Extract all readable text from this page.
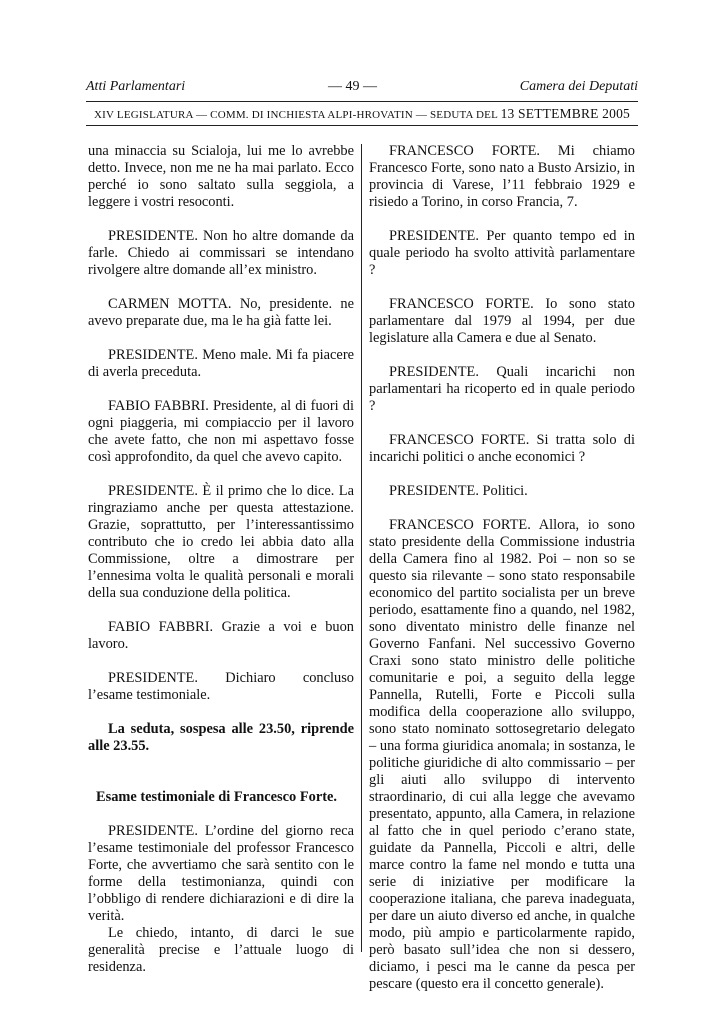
Atti Parlamentari	— 49 —	Camera dei Deputati
XIV LEGISLATURA — COMM. DI INCHIESTA ALPI-HROVATIN — SEDUTA DEL 13 SETTEMBRE 2005

una minaccia su Scialoja, lui me lo avrebbe detto. Invece, non me ne ha mai parlato. Ecco perché io sono saltato sulla seggiola, a leggere i vostri resoconti.

PRESIDENTE. Non ho altre domande da farle. Chiedo ai commissari se intendano rivolgere altre domande all’ex ministro.

CARMEN MOTTA. No, presidente. ne avevo preparate due, ma le ha già fatte lei.

PRESIDENTE. Meno male. Mi fa piacere di averla preceduta.

FABIO FABBRI. Presidente, al di fuori di ogni piaggeria, mi compiaccio per il lavoro che avete fatto, che non mi aspettavo fosse così approfondito, da quel che avevo capito.

PRESIDENTE. È il primo che lo dice. La ringraziamo anche per questa attestazione. Grazie, soprattutto, per l’interessantissimo contributo che io credo lei abbia dato alla Commissione, oltre a dimostrare per l’ennesima volta le qualità personali e morali della sua conduzione della politica.

FABIO FABBRI. Grazie a voi e buon lavoro.

PRESIDENTE. Dichiaro concluso l’esame testimoniale.

La seduta, sospesa alle 23.50, riprende alle 23.55.

Esame testimoniale di Francesco Forte.

PRESIDENTE. L’ordine del giorno reca l’esame testimoniale del professor Francesco Forte, che avvertiamo che sarà sentito con le forme della testimonianza, quindi con l’obbligo di rendere dichiarazioni e di dire la verità.

Le chiedo, intanto, di darci le sue generalità precise e l’attuale luogo di residenza.

FRANCESCO FORTE. Mi chiamo Francesco Forte, sono nato a Busto Arsizio, in provincia di Varese, l’11 febbraio 1929 e risiedo a Torino, in corso Francia, 7.

PRESIDENTE. Per quanto tempo ed in quale periodo ha svolto attività parlamentare ?

FRANCESCO FORTE. Io sono stato parlamentare dal 1979 al 1994, per due legislature alla Camera e due al Senato.

PRESIDENTE. Quali incarichi non parlamentari ha ricoperto ed in quale periodo ?

FRANCESCO FORTE. Si tratta solo di incarichi politici o anche economici ?

PRESIDENTE. Politici.

FRANCESCO FORTE. Allora, io sono stato presidente della Commissione industria della Camera fino al 1982. Poi – non so se questo sia rilevante – sono stato responsabile economico del partito socialista per un breve periodo, esattamente fino a quando, nel 1982, sono diventato ministro delle finanze nel Governo Fanfani. Nel successivo Governo Craxi sono stato ministro delle politiche comunitarie e poi, a seguito della legge Pannella, Rutelli, Forte e Piccoli sulla modifica della cooperazione allo sviluppo, sono stato nominato sottosegretario delegato – una forma giuridica anomala; in sostanza, le politiche giuridiche di alto commissario – per gli aiuti allo sviluppo di intervento straordinario, di cui alla legge che avevamo presentato, appunto, alla Camera, in relazione al fatto che in quel periodo c’erano state, guidate da Pannella, Piccoli e altri, delle marce contro la fame nel mondo e tutta una serie di iniziative per modificare la cooperazione italiana, che pareva inadeguata, per dare un aiuto diverso ed anche, in qualche modo, più ampio e particolarmente rapido, però basato sull’idea che non si dessero, diciamo, i pesci ma le canne da pesca per pescare (questo era il concetto generale).
